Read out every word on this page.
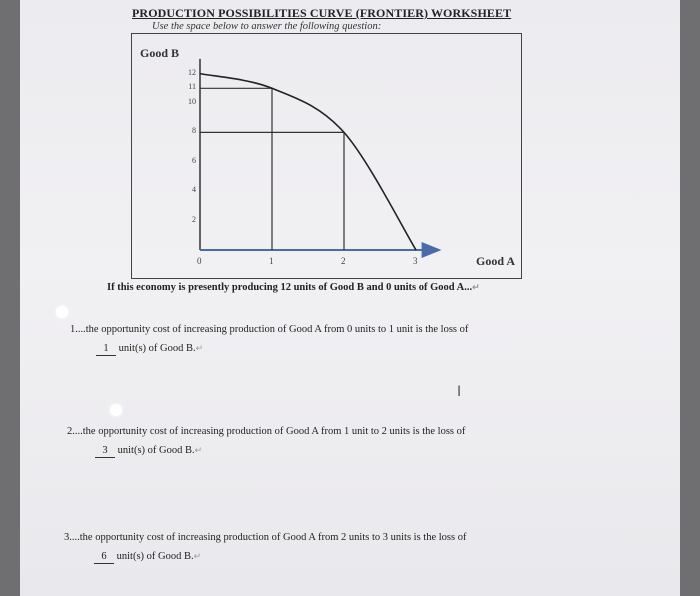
PRODUCTION POSSIBILITIES CURVE (FRONTIER) WORKSHEET
Use the space below to answer the following question:
Good B
Good A
2
4
6
8
10
11
12
0	1	2	3
If this economy is presently producing 12 units of Good B and 0 units of Good A...↵
1....the opportunity cost of increasing production of Good A from 0 units to 1 unit is the loss of
1 unit(s) of Good B.↵
I
2....the opportunity cost of increasing production of Good A from 1 unit to 2 units is the loss of
3 unit(s) of Good B.↵
3....the opportunity cost of increasing production of Good A from 2 units to 3 units is the loss of
6 unit(s) of Good B.↵
